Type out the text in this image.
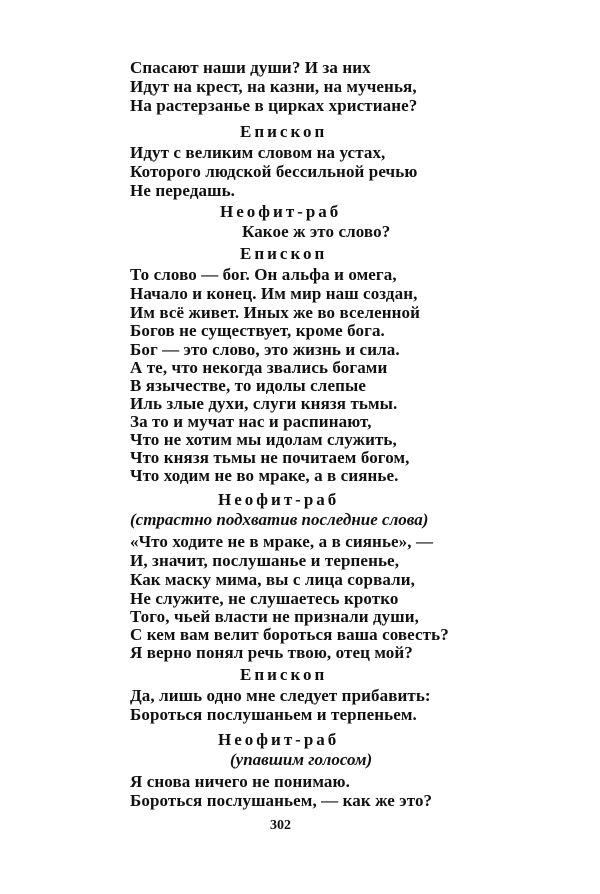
Спасают наши души? И за них
Идут на крест, на казни, на мученья,
На растерзанье в цирках христиане?
Епископ
Идут с великим словом на устах,
Которого людской бессильной речью
Не передашь.
Неофит-раб
Какое ж это слово?
Епископ
То слово — бог. Он альфа и омега,
Начало и конец. Им мир наш создан,
Им всё живет. Иных же во вселенной
Богов не существует, кроме бога.
Бог — это слово, это жизнь и сила.
А те, что некогда звались богами
В язычестве, то идолы слепые
Иль злые духи, слуги князя тьмы.
За то и мучат нас и распинают,
Что не хотим мы идолам служить,
Что князя тьмы не почитаем богом,
Что ходим не во мраке, а в сиянье.
Неофит-раб
(страстно подхватив последние слова)
«Что ходите не в мраке, а в сиянье», —
И, значит, послушанье и терпенье,
Как маску мима, вы с лица сорвали,
Не служите, не слушаетесь кротко
Того, чьей власти не признали души,
С кем вам велит бороться ваша совесть?
Я верно понял речь твою, отец мой?
Епископ
Да, лишь одно мне следует прибавить:
Бороться послушаньем и терпеньем.
Неофит-раб
(упавшим голосом)
Я снова ничего не понимаю.
Бороться послушаньем, — как же это?
302
